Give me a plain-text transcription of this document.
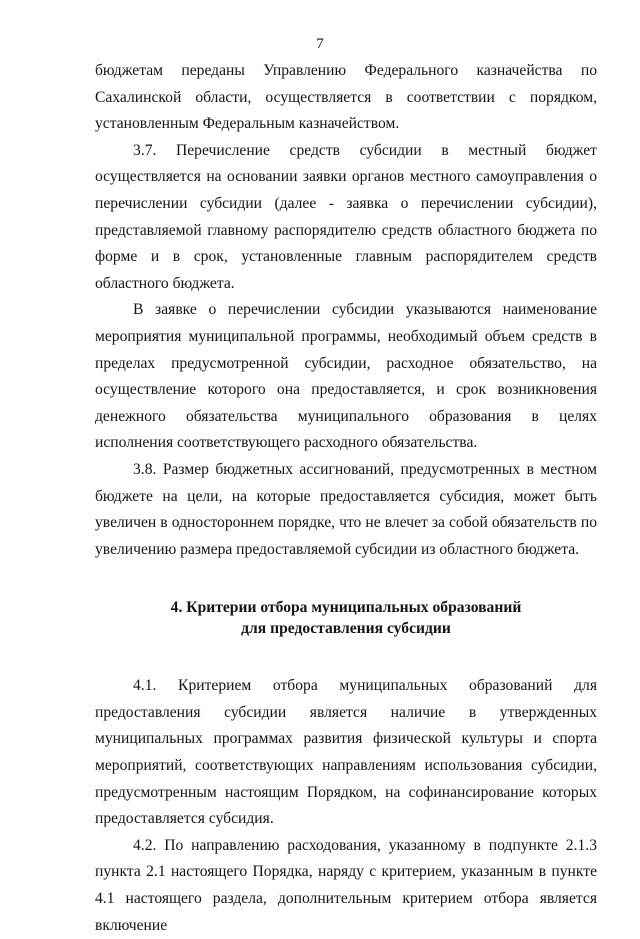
7

бюджетам переданы Управлению Федерального казначейства по Сахалинской области, осуществляется в соответствии с порядком, установленным Федеральным казначейством.

3.7. Перечисление средств субсидии в местный бюджет осуществляется на основании заявки органов местного самоуправления о перечислении субсидии (далее - заявка о перечислении субсидии), представляемой главному распорядителю средств областного бюджета по форме и в срок, установленные главным распорядителем средств областного бюджета.

В заявке о перечислении субсидии указываются наименование мероприятия муниципальной программы, необходимый объем средств в пределах предусмотренной субсидии, расходное обязательство, на осуществление которого она предоставляется, и срок возникновения денежного обязательства муниципального образования в целях исполнения соответствующего расходного обязательства.

3.8. Размер бюджетных ассигнований, предусмотренных в местном бюджете на цели, на которые предоставляется субсидия, может быть увеличен в одностороннем порядке, что не влечет за собой обязательств по увеличению размера предоставляемой субсидии из областного бюджета.

4. Критерии отбора муниципальных образований
для предоставления субсидии

4.1. Критерием отбора муниципальных образований для предоставления субсидии является наличие в утвержденных муниципальных программах развития физической культуры и спорта мероприятий, соответствующих направлениям использования субсидии, предусмотренным настоящим Порядком, на софинансирование которых предоставляется субсидия.

4.2. По направлению расходования, указанному в подпункте 2.1.3 пункта 2.1 настоящего Порядка, наряду с критерием, указанным в пункте 4.1 настоящего раздела, дополнительным критерием отбора является включение
